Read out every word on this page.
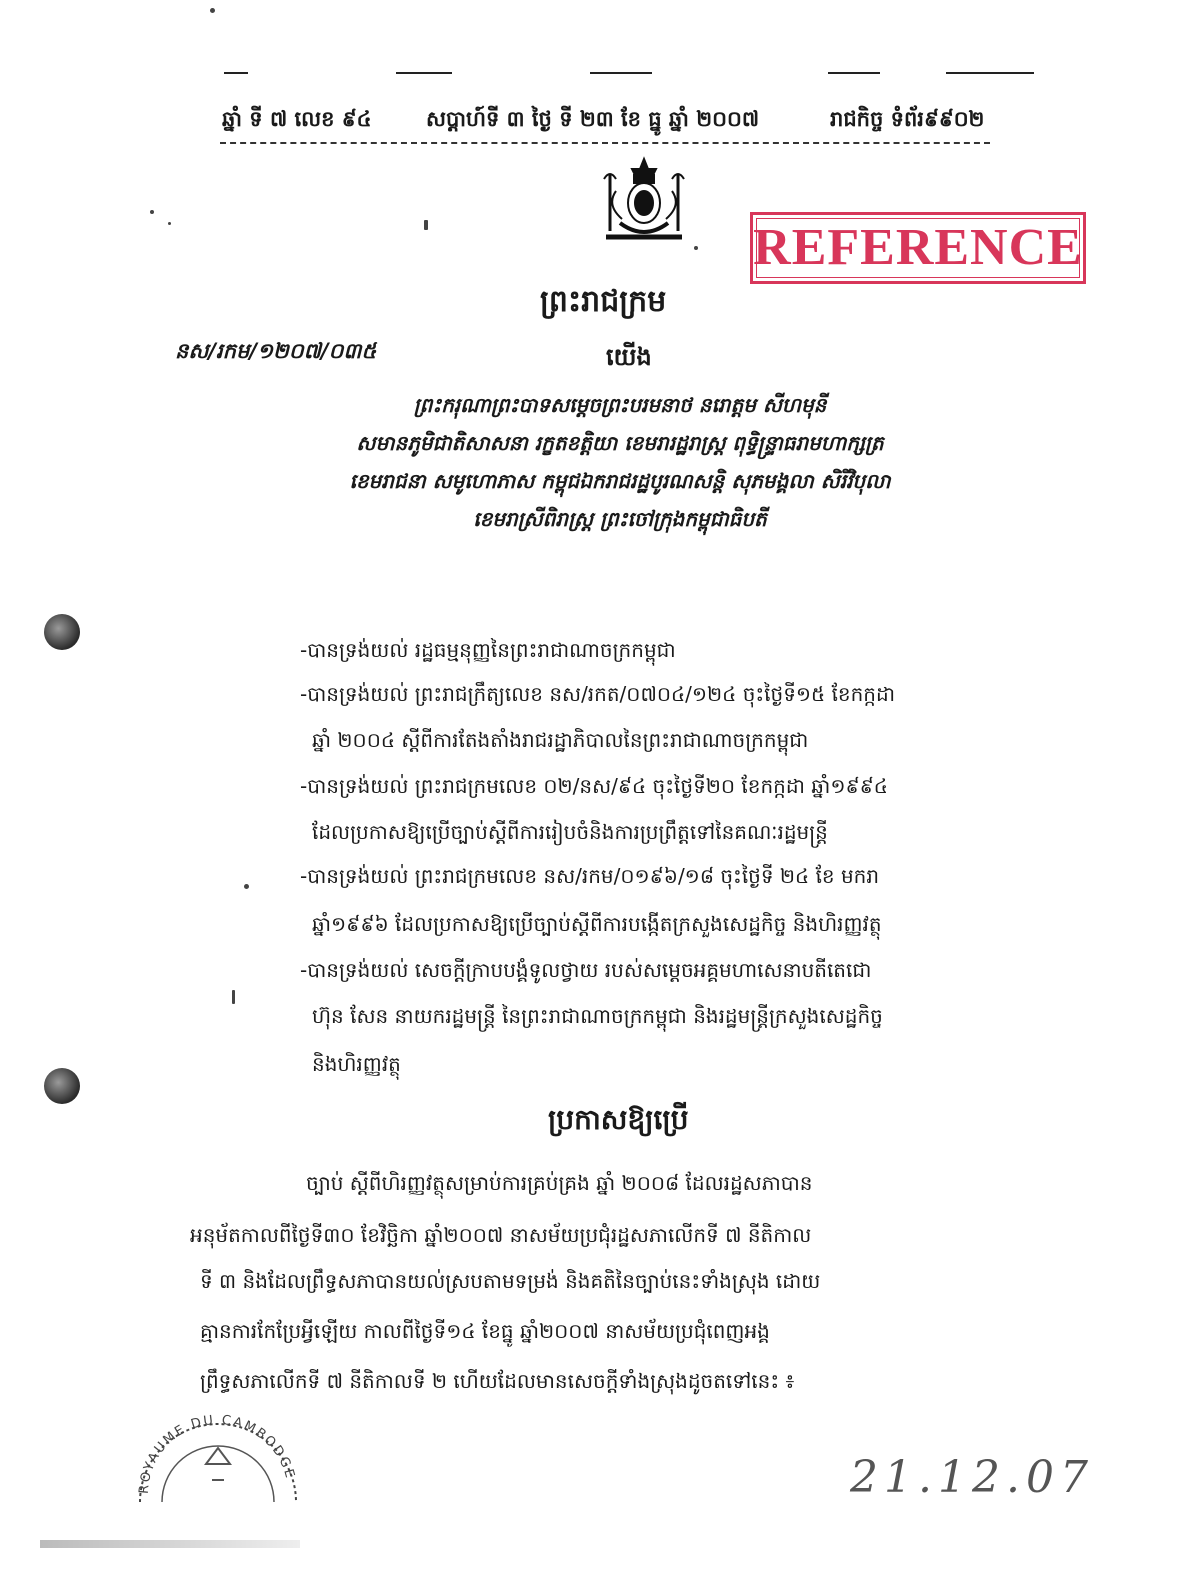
ឆ្នាំ ទី ៧ លេខ ៩៤	សប្តាហ៍ទី ៣ ថ្ងៃ ទី ២៣ ខែ ធ្នូ ឆ្នាំ ២០០៧	រាជកិច្ច ទំព័រ៩៩០២
REFERENCE
ព្រះរាជក្រម
នស/រកម/១២០៧/០៣៥	យើង
ព្រះករុណាព្រះបាទសម្តេចព្រះបរមនាថ នរោត្តម សីហមុនី
សមានភូមិជាតិសាសនា រក្ខតខត្តិយា ខេមរារដ្ឋរាស្ត្រ ពុទ្ធិន្ទ្រាធរាមហាក្សត្រ
ខេមរាជនា សមូហោភាស កម្ពុជឯករាជរដ្ឋបូរណសន្តិ សុភមង្គលា សិរីវិបុលា
ខេមរាស្រីពិរាស្ត្រ ព្រះចៅក្រុងកម្ពុជាធិបតី
-បានទ្រង់យល់ រដ្ឋធម្មនុញ្ញនៃព្រះរាជាណាចក្រកម្ពុជា
-បានទ្រង់យល់ ព្រះរាជក្រឹត្យលេខ នស/រកត/០៧០៤/១២៤ ចុះថ្ងៃទី១៥ ខែកក្កដា
ឆ្នាំ ២០០៤ ស្តីពីការតែងតាំងរាជរដ្ឋាភិបាលនៃព្រះរាជាណាចក្រកម្ពុជា
-បានទ្រង់យល់ ព្រះរាជក្រមលេខ ០២/នស/៩៤ ចុះថ្ងៃទី២០ ខែកក្កដា ឆ្នាំ១៩៩៤
ដែលប្រកាសឱ្យប្រើច្បាប់ស្តីពីការរៀបចំនិងការប្រព្រឹត្តទៅនៃគណៈរដ្ឋមន្ត្រី
-បានទ្រង់យល់ ព្រះរាជក្រមលេខ នស/រកម/០១៩៦/១៨ ចុះថ្ងៃទី ២៤ ខែ មករា
ឆ្នាំ១៩៩៦ ដែលប្រកាសឱ្យប្រើច្បាប់ស្តីពីការបង្កើតក្រសួងសេដ្ឋកិច្ច និងហិរញ្ញវត្ថុ
-បានទ្រង់យល់ សេចក្តីក្រាបបង្គំទូលថ្វាយ របស់សម្តេចអគ្គមហាសេនាបតីតេជោ
ហ៊ុន សែន នាយករដ្ឋមន្ត្រី នៃព្រះរាជាណាចក្រកម្ពុជា និងរដ្ឋមន្ត្រីក្រសួងសេដ្ឋកិច្ច
និងហិរញ្ញវត្ថុ
ប្រកាសឱ្យប្រើ
ច្បាប់ ស្តីពីហិរញ្ញវត្ថុសម្រាប់ការគ្រប់គ្រង ឆ្នាំ ២០០៨ ដែលរដ្ឋសភាបាន
អនុម័តកាលពីថ្ងៃទី៣០ ខែវិច្ឆិកា ឆ្នាំ២០០៧ នាសម័យប្រជុំរដ្ឋសភាលើកទី ៧ នីតិកាល
ទី ៣ និងដែលព្រឹទ្ធសភាបានយល់ស្របតាមទម្រង់ និងគតិនៃច្បាប់នេះទាំងស្រុង ដោយ
គ្មានការកែប្រែអ្វីឡើយ កាលពីថ្ងៃទី១៤ ខែធ្នូ ឆ្នាំ២០០៧ នាសម័យប្រជុំពេញអង្គ
ព្រឹទ្ធសភាលើកទី ៧ នីតិកាលទី ២ ហើយដែលមានសេចក្តីទាំងស្រុងដូចតទៅនេះ ៖
ROYAUME DU CAMBODGE	21.12.07
